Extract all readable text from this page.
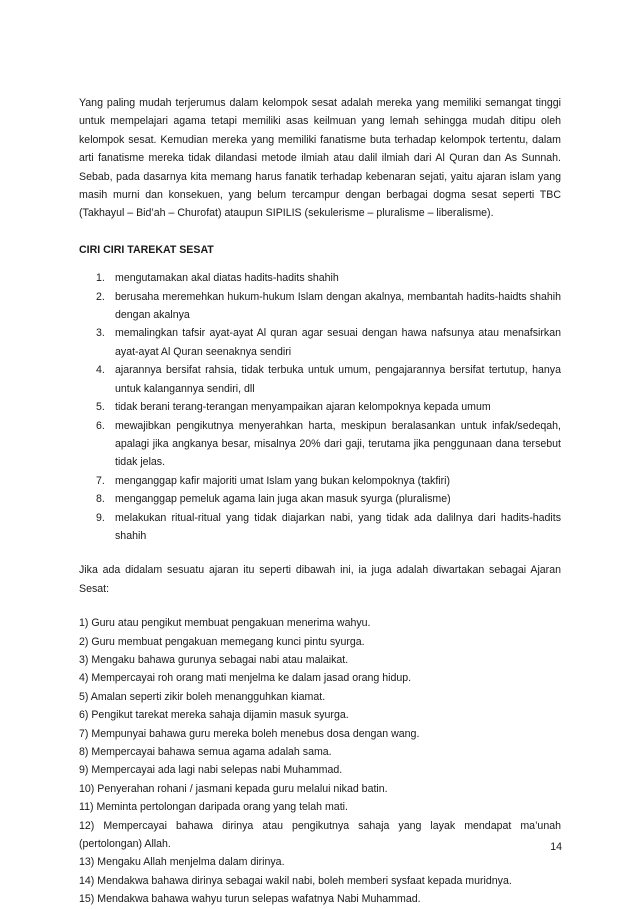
Yang paling mudah terjerumus dalam kelompok sesat adalah mereka yang memiliki semangat tinggi untuk mempelajari agama tetapi memiliki asas keilmuan yang lemah sehingga mudah ditipu oleh kelompok sesat. Kemudian mereka yang memiliki fanatisme buta terhadap kelompok tertentu, dalam arti fanatisme mereka tidak dilandasi metode ilmiah atau dalil ilmiah dari Al Quran dan As Sunnah. Sebab, pada dasarnya kita memang harus fanatik terhadap kebenaran sejati, yaitu ajaran islam yang masih murni dan konsekuen, yang belum tercampur dengan berbagai dogma sesat seperti TBC (Takhayul – Bid’ah – Churofat) ataupun SIPILIS (sekulerisme – pluralisme – liberalisme).

CIRI CIRI TAREKAT SESAT
1. mengutamakan akal diatas hadits-hadits shahih
2. berusaha meremehkan hukum-hukum Islam dengan akalnya, membantah hadits-haidts shahih dengan akalnya
3. memalingkan tafsir ayat-ayat Al quran agar sesuai dengan hawa nafsunya atau menafsirkan ayat-ayat Al Quran seenaknya sendiri
4. ajarannya bersifat rahsia, tidak terbuka untuk umum, pengajarannya bersifat tertutup, hanya untuk kalangannya sendiri, dll
5. tidak berani terang-terangan menyampaikan ajaran kelompoknya kepada umum
6. mewajibkan pengikutnya menyerahkan harta, meskipun beralasankan untuk infak/sedeqah, apalagi jika angkanya besar, misalnya 20% dari gaji, terutama jika penggunaan dana tersebut tidak jelas.
7. menganggap kafir majoriti umat Islam yang bukan kelompoknya (takfiri)
8. menganggap pemeluk agama lain juga akan masuk syurga (pluralisme)
9. melakukan ritual-ritual yang tidak diajarkan nabi, yang tidak ada dalilnya dari hadits-hadits shahih

Jika ada didalam sesuatu ajaran itu seperti dibawah ini, ia juga adalah diwartakan sebagai Ajaran Sesat:

1) Guru atau pengikut membuat pengakuan menerima wahyu.
2) Guru membuat pengakuan memegang kunci pintu syurga.
3) Mengaku bahawa gurunya sebagai nabi atau malaikat.
4) Mempercayai roh orang mati menjelma ke dalam jasad orang hidup.
5) Amalan seperti zikir boleh menangguhkan kiamat.
6) Pengikut tarekat mereka sahaja dijamin masuk syurga.
7) Mempunyai bahawa guru mereka boleh menebus dosa dengan wang.
8) Mempercayai bahawa semua agama adalah sama.
9) Mempercayai ada lagi nabi selepas nabi Muhammad.
10) Penyerahan rohani / jasmani kepada guru melalui nikad batin.
11) Meminta pertolongan daripada orang yang telah mati.
12) Mempercayai bahawa dirinya atau pengikutnya sahaja yang layak mendapat ma’unah (pertolongan) Allah.
13) Mengaku Allah menjelma dalam dirinya.
14) Mendakwa bahawa dirinya sebagai wakil nabi, boleh memberi sysfaat kepada muridnya.
15) Mendakwa bahawa wahyu turun selepas wafatnya Nabi Muhammad.
14
